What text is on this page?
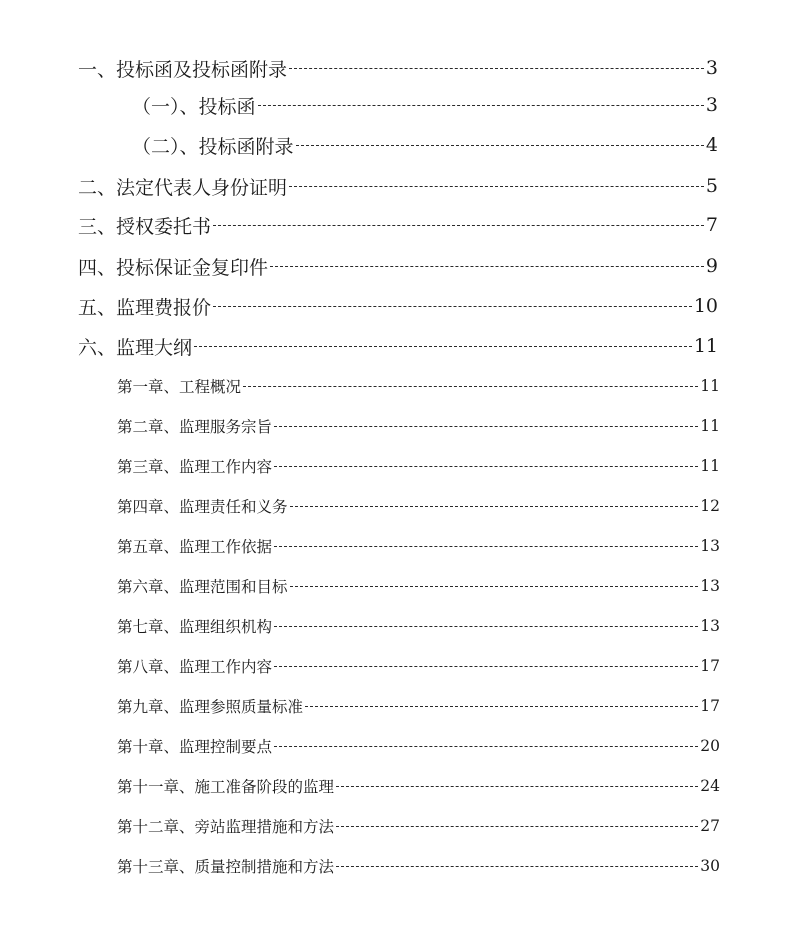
一、投标函及投标函附录	3
（一）、投标函	3
（二）、投标函附录	4
二、法定代表人身份证明	5
三、授权委托书	7
四、投标保证金复印件	9
五、监理费报价	10
六、监理大纲	11
第一章、工程概况	11
第二章、监理服务宗旨	11
第三章、监理工作内容	11
第四章、监理责任和义务	12
第五章、监理工作依据	13
第六章、监理范围和目标	13
第七章、监理组织机构	13
第八章、监理工作内容	17
第九章、监理参照质量标准	17
第十章、监理控制要点	20
第十一章、施工准备阶段的监理	24
第十二章、旁站监理措施和方法	27
第十三章、质量控制措施和方法	30
